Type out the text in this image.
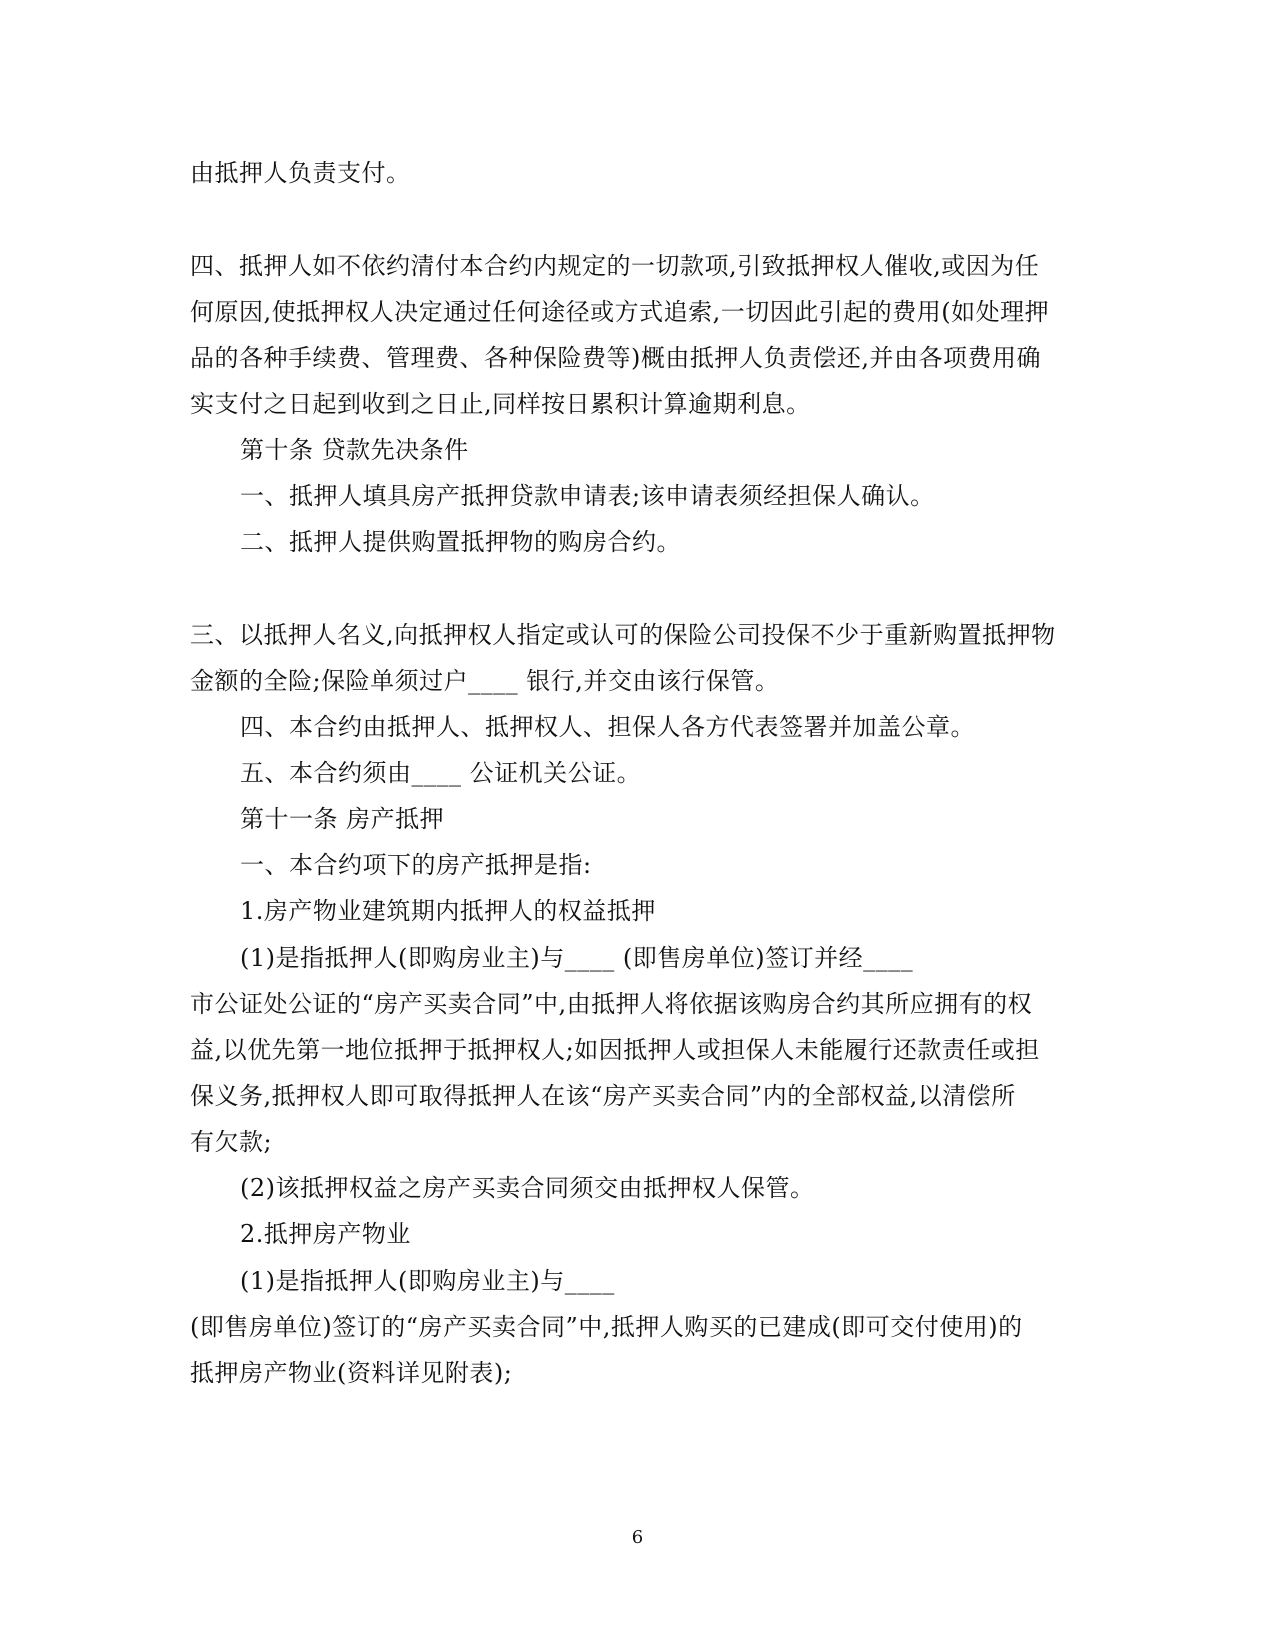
由抵押人负责支付。
四、抵押人如不依约清付本合约内规定的一切款项,引致抵押权人催收,或因为任
何原因,使抵押权人决定通过任何途径或方式追索,一切因此引起的费用(如处理押
品的各种手续费、管理费、各种保险费等)概由抵押人负责偿还,并由各项费用确
实支付之日起到收到之日止,同样按日累积计算逾期利息。
第十条 贷款先决条件
一、抵押人填具房产抵押贷款申请表;该申请表须经担保人确认。
二、抵押人提供购置抵押物的购房合约。
三、以抵押人名义,向抵押权人指定或认可的保险公司投保不少于重新购置抵押物
金额的全险;保险单须过户____ 银行,并交由该行保管。
四、本合约由抵押人、抵押权人、担保人各方代表签署并加盖公章。
五、本合约须由____ 公证机关公证。
第十一条 房产抵押
一、本合约项下的房产抵押是指:
1.房产物业建筑期内抵押人的权益抵押
(1)是指抵押人(即购房业主)与____ (即售房单位)签订并经____
市公证处公证的“房产买卖合同”中,由抵押人将依据该购房合约其所应拥有的权
益,以优先第一地位抵押于抵押权人;如因抵押人或担保人未能履行还款责任或担
保义务,抵押权人即可取得抵押人在该“房产买卖合同”内的全部权益,以清偿所
有欠款;
(2)该抵押权益之房产买卖合同须交由抵押权人保管。
2.抵押房产物业
(1)是指抵押人(即购房业主)与____
(即售房单位)签订的“房产买卖合同”中,抵押人购买的已建成(即可交付使用)的
抵押房产物业(资料详见附表);
6
